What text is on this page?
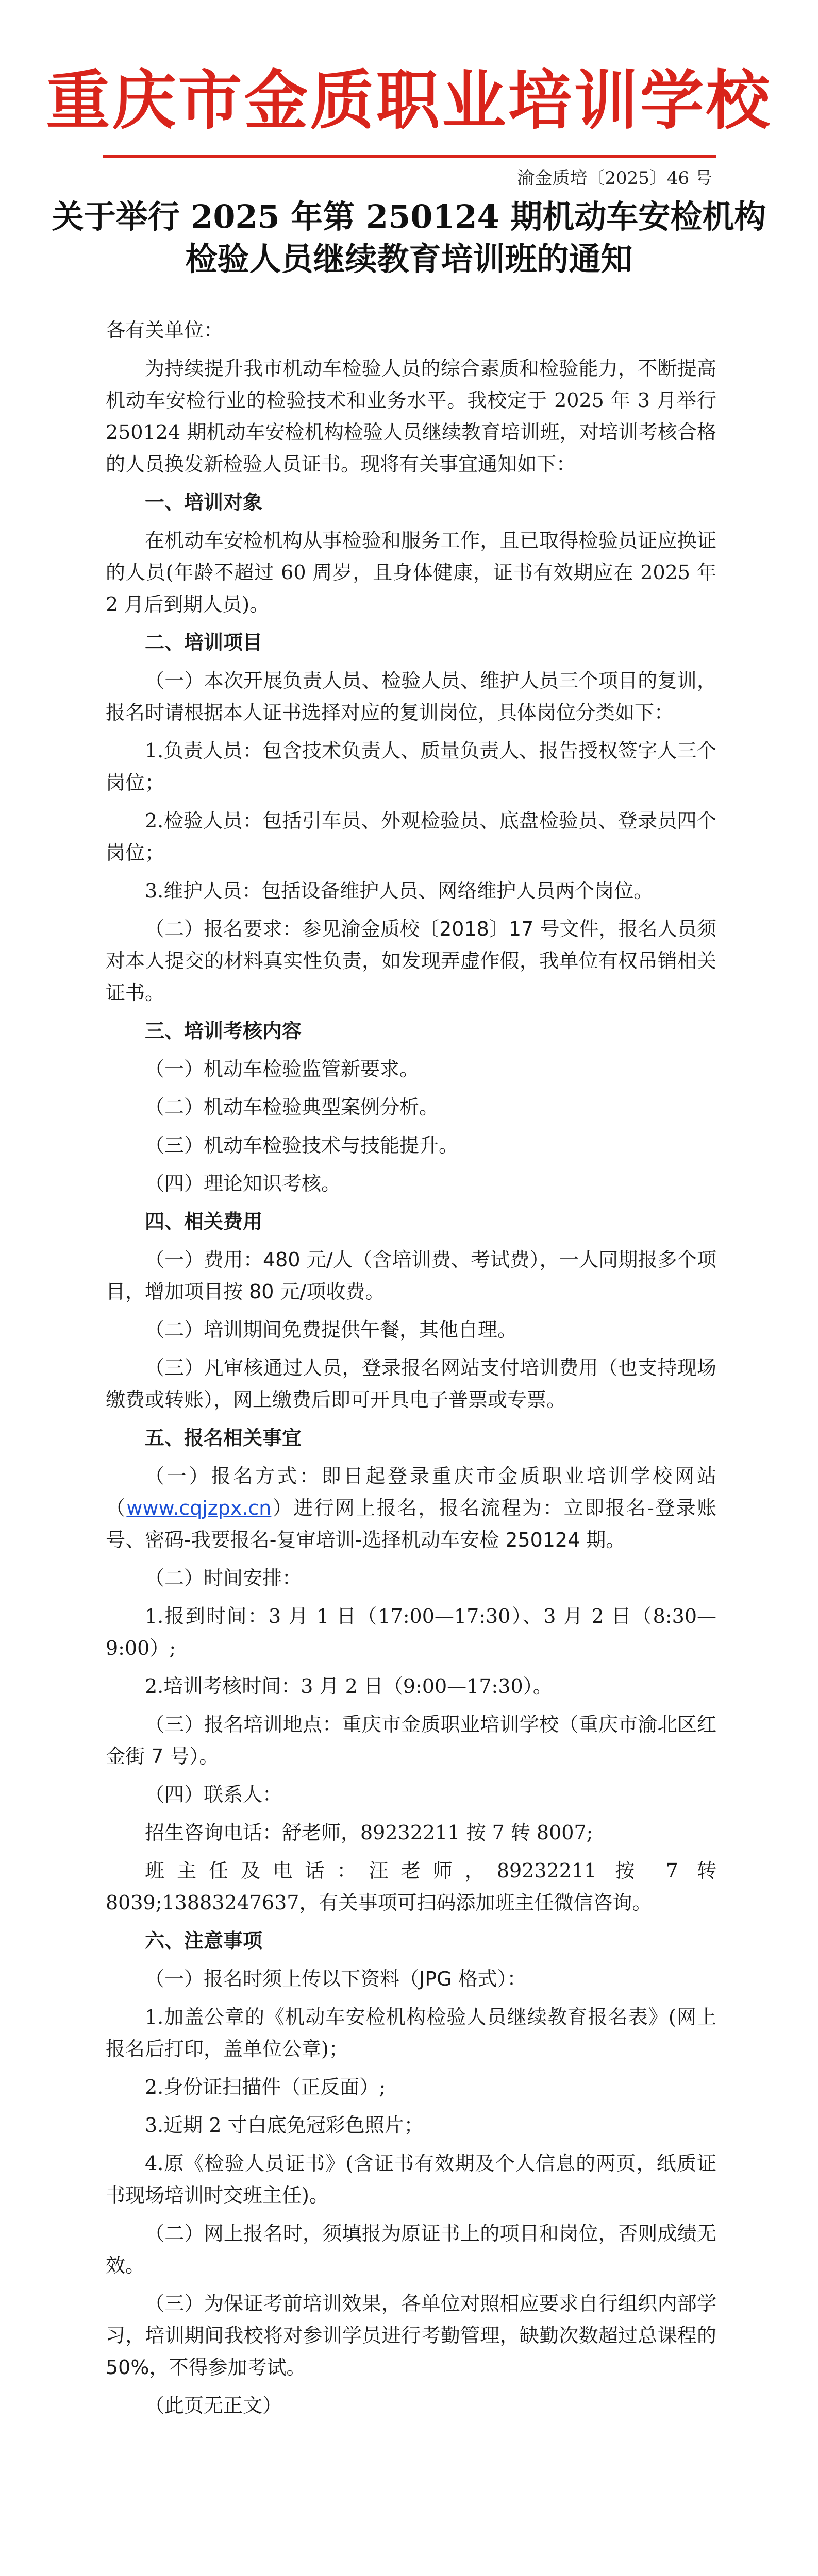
重庆市金质职业培训学校
渝金质培〔2025〕46 号
关于举行 2025 年第 250124 期机动车安检机构
检验人员继续教育培训班的通知

各有关单位：

为持续提升我市机动车检验人员的综合素质和检验能力，不断提高机动车安检行业的检验技术和业务水平。我校定于 2025 年 3 月举行 250124 期机动车安检机构检验人员继续教育培训班，对培训考核合格的人员换发新检验人员证书。现将有关事宜通知如下：

一、培训对象

在机动车安检机构从事检验和服务工作，且已取得检验员证应换证的人员(年龄不超过 60 周岁，且身体健康，证书有效期应在 2025 年 2 月后到期人员)。

二、培训项目

（一）本次开展负责人员、检验人员、维护人员三个项目的复训，报名时请根据本人证书选择对应的复训岗位，具体岗位分类如下：

1.负责人员：包含技术负责人、质量负责人、报告授权签字人三个岗位；

2.检验人员：包括引车员、外观检验员、底盘检验员、登录员四个岗位；

3.维护人员：包括设备维护人员、网络维护人员两个岗位。

（二）报名要求：参见渝金质校〔2018〕17 号文件，报名人员须对本人提交的材料真实性负责，如发现弄虚作假，我单位有权吊销相关证书。

三、培训考核内容

（一）机动车检验监管新要求。

（二）机动车检验典型案例分析。

（三）机动车检验技术与技能提升。

（四）理论知识考核。

四、相关费用

（一）费用：480 元/人（含培训费、考试费），一人同期报多个项目，增加项目按 80 元/项收费。

（二）培训期间免费提供午餐，其他自理。

（三）凡审核通过人员，登录报名网站支付培训费用（也支持现场缴费或转账），网上缴费后即可开具电子普票或专票。

五、报名相关事宜

（一）报名方式：即日起登录重庆市金质职业培训学校网站（www.cqjzpx.cn）进行网上报名，报名流程为：立即报名-登录账号、密码-我要报名-复审培训-选择机动车安检 250124 期。

（二）时间安排：

1.报到时间：3 月 1 日（17:00—17:30）、3 月 2 日（8:30—9:00）;

2.培训考核时间：3 月 2 日（9:00—17:30）。

（三）报名培训地点：重庆市金质职业培训学校（重庆市渝北区红金街 7 号）。

（四）联系人：

招生咨询电话：舒老师，89232211 按 7 转 8007;

班主任及电话：汪老师，89232211 按 7 转 8039;13883247637，有关事项可扫码添加班主任微信咨询。

六、注意事项

（一）报名时须上传以下资料（JPG 格式）：

1.加盖公章的《机动车安检机构检验人员继续教育报名表》(网上报名后打印，盖单位公章)；

2.身份证扫描件（正反面）;

3.近期 2 寸白底免冠彩色照片；

4.原《检验人员证书》(含证书有效期及个人信息的两页，纸质证书现场培训时交班主任)。

（二）网上报名时，须填报为原证书上的项目和岗位，否则成绩无效。

（三）为保证考前培训效果，各单位对照相应要求自行组织内部学习，培训期间我校将对参训学员进行考勤管理，缺勤次数超过总课程的 50%，不得参加考试。

（此页无正文）
